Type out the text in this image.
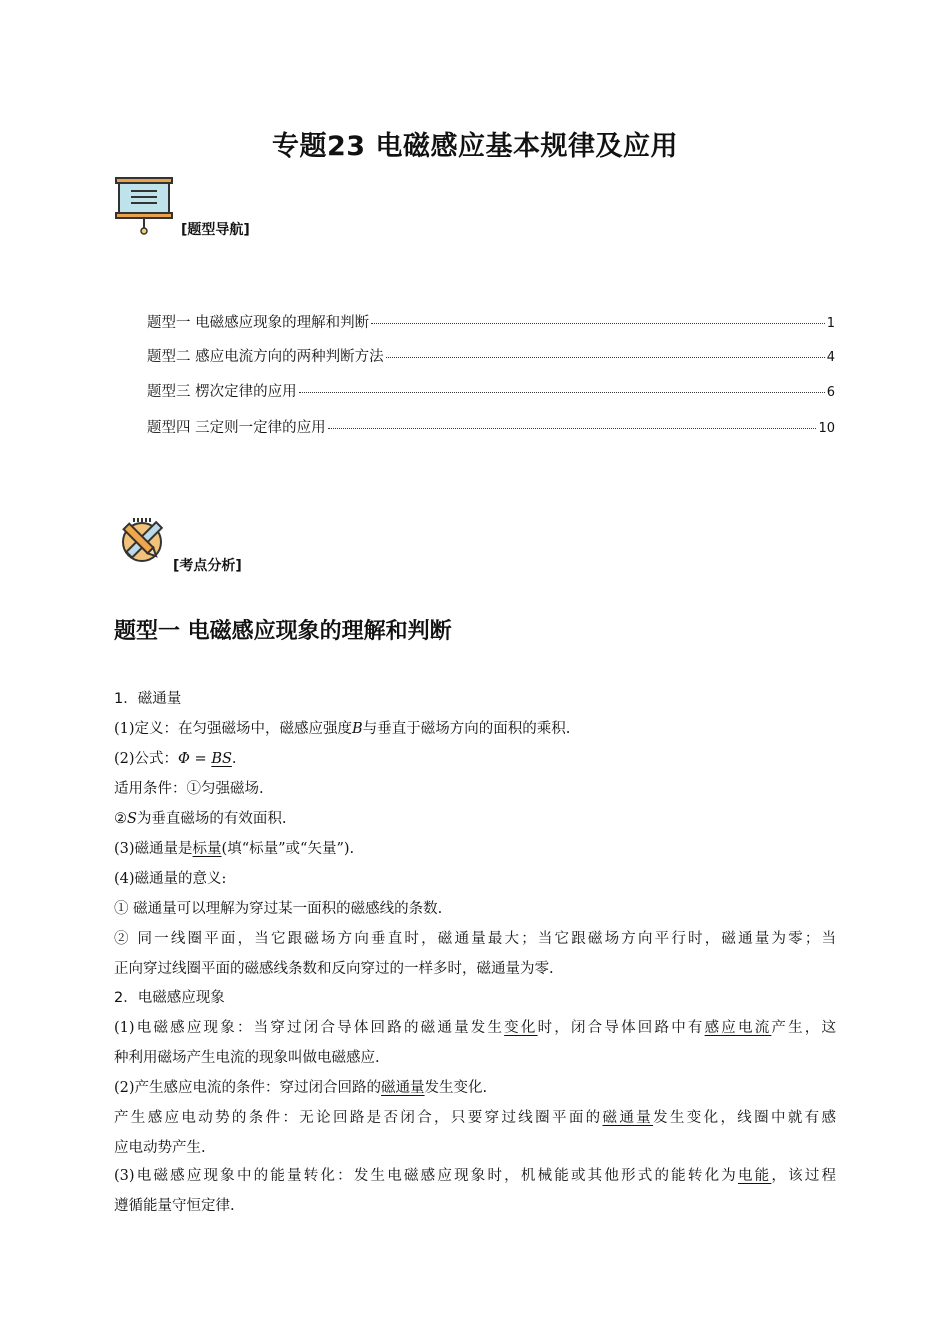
专题23 电磁感应基本规律及应用
[题型导航]
题型一 电磁感应现象的理解和判断	1
题型二 感应电流方向的两种判断方法	4
题型三 楞次定律的应用	6
题型四 三定则一定律的应用	10
[考点分析]
题型一 电磁感应现象的理解和判断
1．磁通量
(1)定义：在匀强磁场中，磁感应强度B与垂直于磁场方向的面积的乘积.
(2)公式：Φ = BS.
适用条件：①匀强磁场.
②S为垂直磁场的有效面积.
(3)磁通量是标量(填“标量”或“矢量”).
(4)磁通量的意义:
① 磁通量可以理解为穿过某一面积的磁感线的条数.
② 同一线圈平面，当它跟磁场方向垂直时，磁通量最大；当它跟磁场方向平行时，磁通量为零；当
正向穿过线圈平面的磁感线条数和反向穿过的一样多时，磁通量为零.
2．电磁感应现象
(1)电磁感应现象：当穿过闭合导体回路的磁通量发生变化时，闭合导体回路中有感应电流产生，这
种利用磁场产生电流的现象叫做电磁感应.
(2)产生感应电流的条件：穿过闭合回路的磁通量发生变化.
产生感应电动势的条件：无论回路是否闭合，只要穿过线圈平面的磁通量发生变化，线圈中就有感
应电动势产生.
(3)电磁感应现象中的能量转化：发生电磁感应现象时，机械能或其他形式的能转化为电能，该过程
遵循能量守恒定律.
